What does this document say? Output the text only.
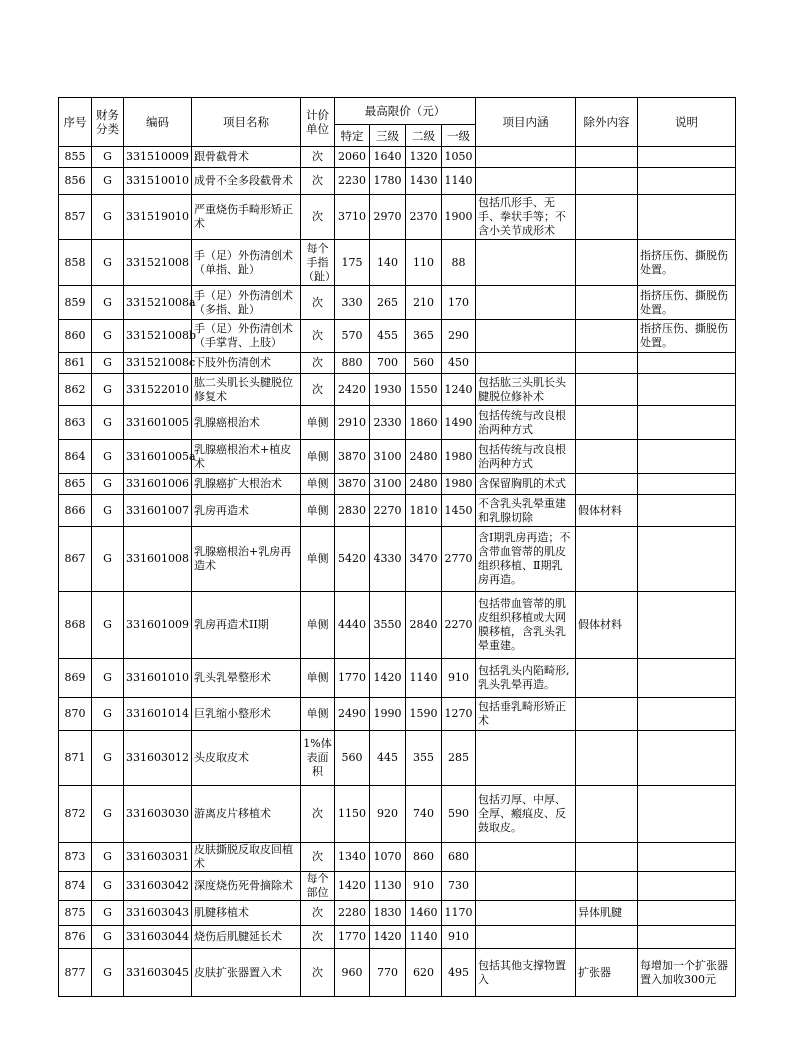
序号	财务分类	编码	项目名称	计价单位	最高限价（元）				项目内涵	除外内容	说明
					特定	三级	二级	一级			
855	G	331510009	跟骨截骨术	次	2060	1640	1320	1050			
856	G	331510010	成骨不全多段截骨术	次	2230	1780	1430	1140			
857	G	331519010	严重烧伤手畸形矫正术	次	3710	2970	2370	1900	包括爪形手、无手、拳状手等；不含小关节成形术		
858	G	331521008	手（足）外伤清创术（单指、趾）	每个手指（趾）	175	140	110	88			指挤压伤、撕脱伤处置。
859	G	331521008a	手（足）外伤清创术（多指、趾）	次	330	265	210	170			指挤压伤、撕脱伤处置。
860	G	331521008b	手（足）外伤清创术（手掌背、上肢）	次	570	455	365	290			指挤压伤、撕脱伤处置。
861	G	331521008c	下肢外伤清创术	次	880	700	560	450			
862	G	331522010	肱二头肌长头腱脱位修复术	次	2420	1930	1550	1240	包括肱三头肌长头腱脱位修补术		
863	G	331601005	乳腺癌根治术	单侧	2910	2330	1860	1490	包括传统与改良根治两种方式		
864	G	331601005a	乳腺癌根治术+植皮术	单侧	3870	3100	2480	1980	包括传统与改良根治两种方式		
865	G	331601006	乳腺癌扩大根治术	单侧	3870	3100	2480	1980	含保留胸肌的术式		
866	G	331601007	乳房再造术	单侧	2830	2270	1810	1450	不含乳头乳晕重建和乳腺切除	假体材料	
867	G	331601008	乳腺癌根治+乳房再造术	单侧	5420	4330	3470	2770	含Ⅰ期乳房再造；不含带血管蒂的肌皮组织移植、Ⅱ期乳房再造。		
868	G	331601009	乳房再造术II期	单侧	4440	3550	2840	2270	包括带血管蒂的肌皮组织移植或大网膜移植，含乳头乳晕重建。	假体材料	
869	G	331601010	乳头乳晕整形术	单侧	1770	1420	1140	910	包括乳头内陷畸形,乳头乳晕再造。		
870	G	331601014	巨乳缩小整形术	单侧	2490	1990	1590	1270	包括垂乳畸形矫正术		
871	G	331603012	头皮取皮术	1%体表面积	560	445	355	285			
872	G	331603030	游离皮片移植术	次	1150	920	740	590	包括刃厚、中厚、全厚、瘢痕皮、反鼓取皮。		
873	G	331603031	皮肤撕脱反取皮回植术	次	1340	1070	860	680			
874	G	331603042	深度烧伤死骨摘除术	每个部位	1420	1130	910	730			
875	G	331603043	肌腱移植术	次	2280	1830	1460	1170		异体肌腱	
876	G	331603044	烧伤后肌腱延长术	次	1770	1420	1140	910			
877	G	331603045	皮肤扩张器置入术	次	960	770	620	495	包括其他支撑物置入	扩张器	每增加一个扩张器置入加收300元
